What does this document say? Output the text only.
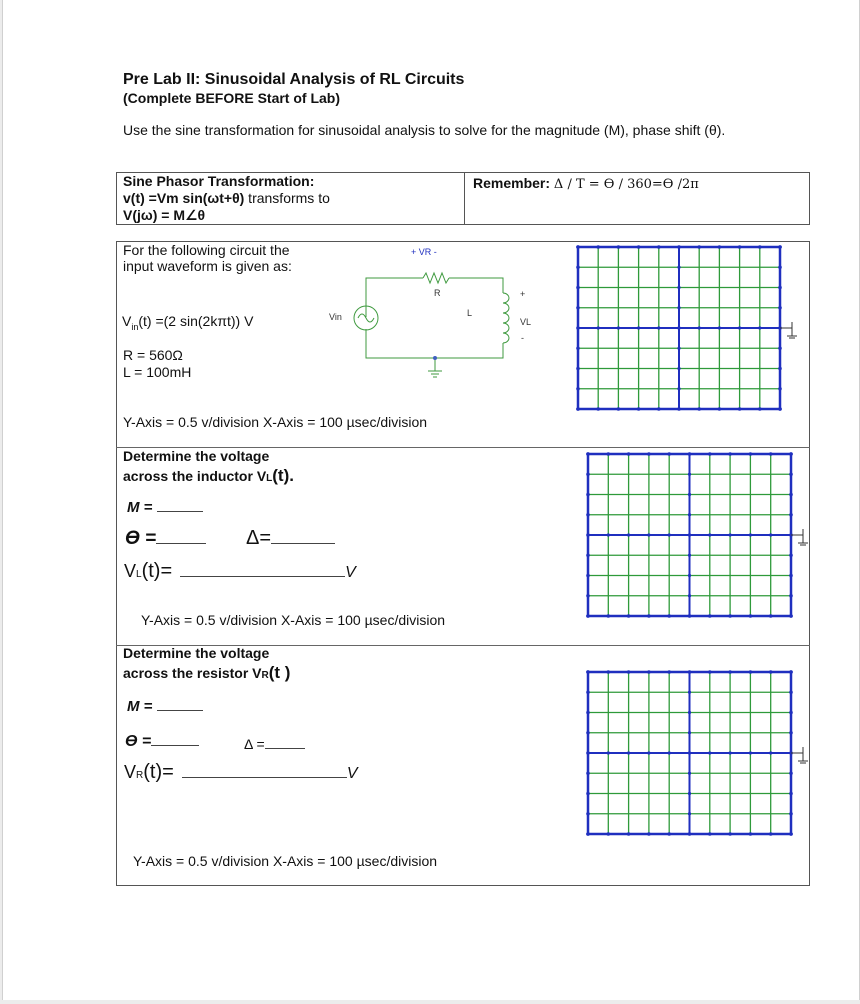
Pre Lab II: Sinusoidal Analysis of RL Circuits
(Complete BEFORE Start of Lab)
Use the sine transformation for sinusoidal analysis to solve for the magnitude (M), phase shift (θ).
Sine Phasor Transformation:
v(t) =Vm sin(ωt+θ) transforms to
V(jω) = M∠θ
Remember: Δ / T = ϴ / 360=ϴ /2π
For the following circuit the input waveform is given as:
$V_{in}(t) =(2$ sin(2kπt)) V
R = 560Ω
L = 100mH
Y-Axis = 0.5 v/division X-Axis = 100 µsec/division
+ VR -
R
L
Vin
+
VL
-
Determine the voltage
across the inductor VL(t).
M =
ϴ =	Δ=
VL(t)=	V
Y-Axis = 0.5 v/division X-Axis = 100 µsec/division
Determine the voltage
across the resistor VR(t )
M =
ϴ =	Δ =
VR(t)=	V
Y-Axis = 0.5 v/division X-Axis = 100 µsec/division
